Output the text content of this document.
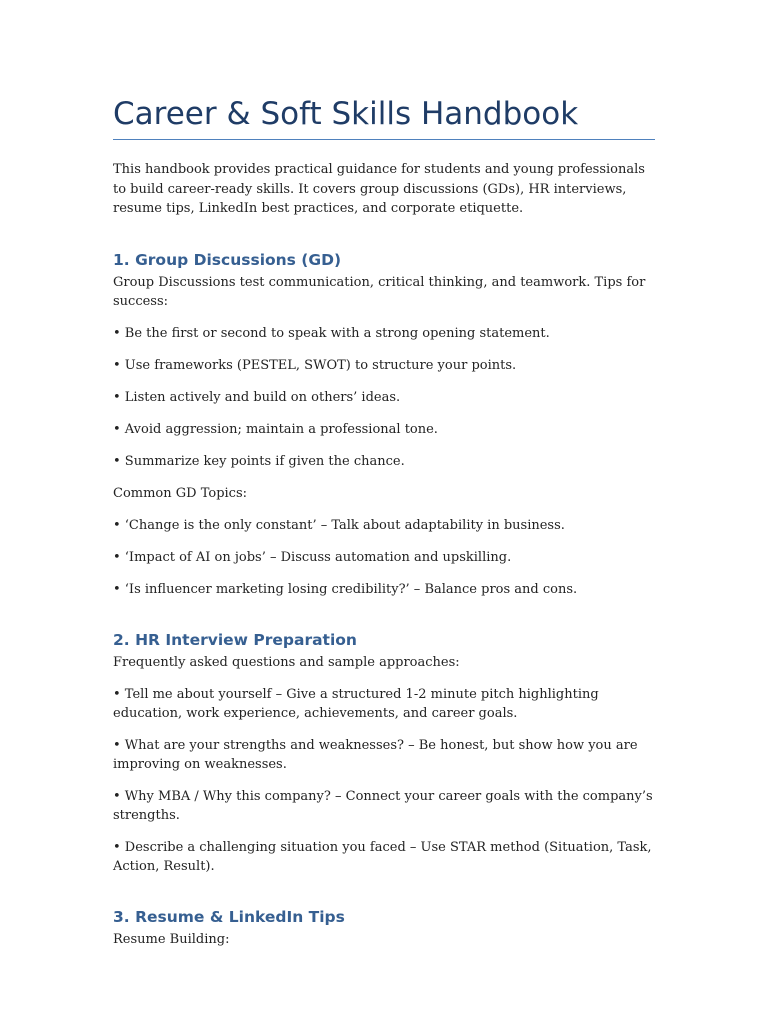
Career & Soft Skills Handbook

This handbook provides practical guidance for students and young professionals to build career-ready skills. It covers group discussions (GDs), HR interviews, resume tips, LinkedIn best practices, and corporate etiquette.

1. Group Discussions (GD)

Group Discussions test communication, critical thinking, and teamwork. Tips for success:

• Be the first or second to speak with a strong opening statement.

• Use frameworks (PESTEL, SWOT) to structure your points.

• Listen actively and build on others’ ideas.

• Avoid aggression; maintain a professional tone.

• Summarize key points if given the chance.

Common GD Topics:

• ‘Change is the only constant’ – Talk about adaptability in business.

• ‘Impact of AI on jobs’ – Discuss automation and upskilling.

• ‘Is influencer marketing losing credibility?’ – Balance pros and cons.

2. HR Interview Preparation

Frequently asked questions and sample approaches:

• Tell me about yourself – Give a structured 1-2 minute pitch highlighting education, work experience, achievements, and career goals.

• What are your strengths and weaknesses? – Be honest, but show how you are improving on weaknesses.

• Why MBA / Why this company? – Connect your career goals with the company’s strengths.

• Describe a challenging situation you faced – Use STAR method (Situation, Task, Action, Result).

3. Resume & LinkedIn Tips

Resume Building:
